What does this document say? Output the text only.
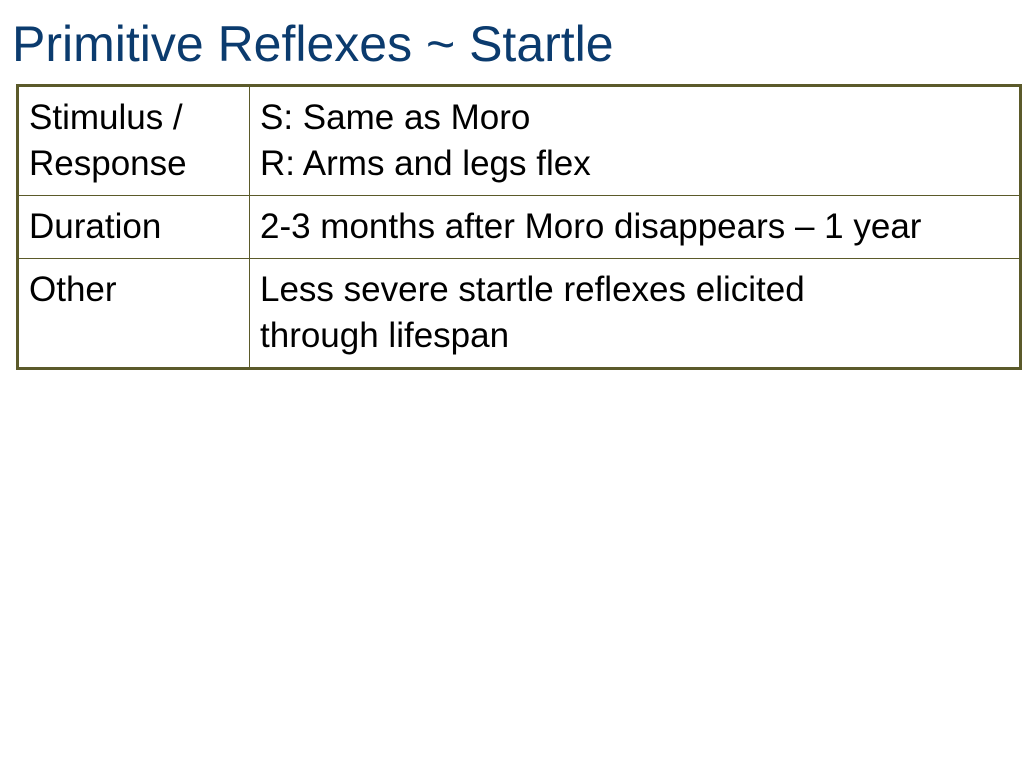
Primitive Reflexes ~ Startle
Stimulus /
Response	S: Same as Moro
R: Arms and legs flex

Duration	2-3 months after Moro disappears – 1 year

Other	Less severe startle reflexes elicited
through lifespan
